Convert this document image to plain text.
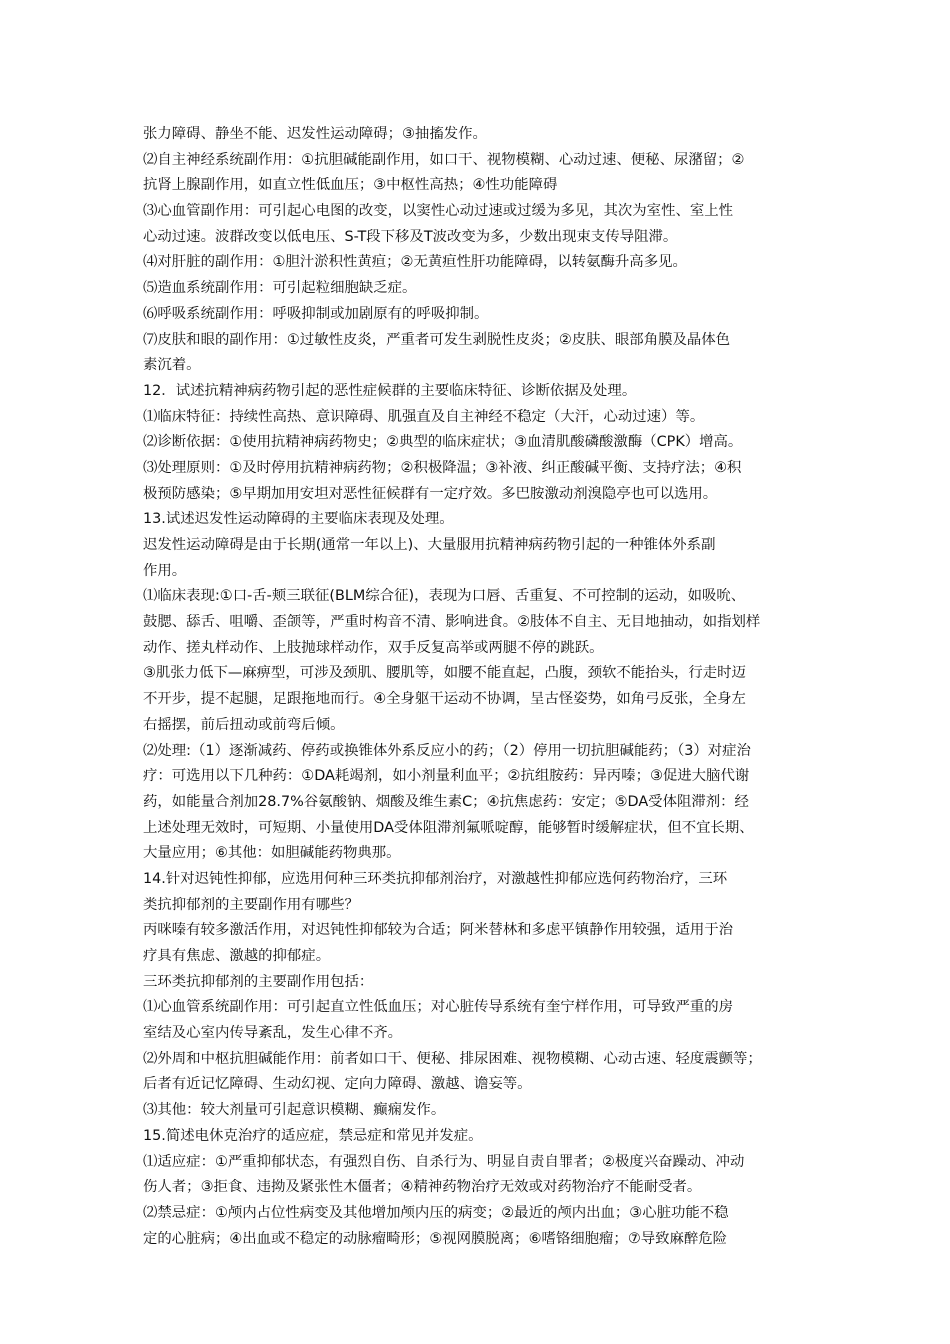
张力障碍、静坐不能、迟发性运动障碍；③抽搐发作。
⑵自主神经系统副作用：①抗胆碱能副作用，如口干、视物模糊、心动过速、便秘、尿潴留；②
抗肾上腺副作用，如直立性低血压；③中枢性高热；④性功能障碍
⑶心血管副作用：可引起心电图的改变，以窦性心动过速或过缓为多见，其次为室性、室上性
心动过速。波群改变以低电压、S-T段下移及T波改变为多，少数出现束支传导阻滞。
⑷对肝脏的副作用：①胆汁淤积性黄疸；②无黄疸性肝功能障碍，以转氨酶升高多见。
⑸造血系统副作用：可引起粒细胞缺乏症。
⑹呼吸系统副作用：呼吸抑制或加剧原有的呼吸抑制。
⑺皮肤和眼的副作用：①过敏性皮炎，严重者可发生剥脱性皮炎；②皮肤、眼部角膜及晶体色
素沉着。
12．试述抗精神病药物引起的恶性症候群的主要临床特征、诊断依据及处理。
⑴临床特征：持续性高热、意识障碍、肌强直及自主神经不稳定（大汗，心动过速）等。
⑵诊断依据：①使用抗精神病药物史；②典型的临床症状；③血清肌酸磷酸激酶（CPK）增高。
⑶处理原则：①及时停用抗精神病药物；②积极降温；③补液、纠正酸碱平衡、支持疗法；④积
极预防感染；⑤早期加用安坦对恶性征候群有一定疗效。多巴胺激动剂溴隐亭也可以选用。
13.试述迟发性运动障碍的主要临床表现及处理。
迟发性运动障碍是由于长期(通常一年以上)、大量服用抗精神病药物引起的一种锥体外系副
作用。
⑴临床表现:①口-舌-颊三联征(BLM综合征)，表现为口唇、舌重复、不可控制的运动，如吸吮、
鼓腮、舔舌、咀嚼、歪颌等，严重时构音不清、影响进食。②肢体不自主、无目地抽动，如指划样
动作、搓丸样动作、上肢抛球样动作，双手反复高举或两腿不停的跳跃。
③肌张力低下—麻痹型，可涉及颈肌、腰肌等，如腰不能直起，凸腹，颈软不能抬头，行走时迈
不开步，提不起腿，足跟拖地而行。④全身躯干运动不协调，呈古怪姿势，如角弓反张，全身左
右摇摆，前后扭动或前弯后倾。
⑵处理:（1）逐渐减药、停药或换锥体外系反应小的药；（2）停用一切抗胆碱能药；（3）对症治
疗：可选用以下几种药：①DA耗竭剂，如小剂量利血平；②抗组胺药：异丙嗪；③促进大脑代谢
药，如能量合剂加28.7%谷氨酸钠、烟酸及维生素C；④抗焦虑药：安定；⑤DA受体阻滞剂：经
上述处理无效时，可短期、小量使用DA受体阻滞剂氟哌啶醇，能够暂时缓解症状，但不宜长期、
大量应用；⑥其他：如胆碱能药物典那。
14.针对迟钝性抑郁，应选用何种三环类抗抑郁剂治疗，对激越性抑郁应选何药物治疗，三环
类抗抑郁剂的主要副作用有哪些？
丙咪嗪有较多激活作用，对迟钝性抑郁较为合适；阿米替林和多虑平镇静作用较强，适用于治
疗具有焦虑、激越的抑郁症。
三环类抗抑郁剂的主要副作用包括：
⑴心血管系统副作用：可引起直立性低血压；对心脏传导系统有奎宁样作用，可导致严重的房
室结及心室内传导紊乱，发生心律不齐。
⑵外周和中枢抗胆碱能作用：前者如口干、便秘、排尿困难、视物模糊、心动古速、轻度震颤等；
后者有近记忆障碍、生动幻视、定向力障碍、激越、谵妄等。
⑶其他：较大剂量可引起意识模糊、癫痫发作。
15.简述电休克治疗的适应症，禁忌症和常见并发症。
⑴适应症：①严重抑郁状态，有强烈自伤、自杀行为、明显自责自罪者；②极度兴奋躁动、冲动
伤人者；③拒食、违拗及紧张性木僵者；④精神药物治疗无效或对药物治疗不能耐受者。
⑵禁忌症：①颅内占位性病变及其他增加颅内压的病变；②最近的颅内出血；③心脏功能不稳
定的心脏病；④出血或不稳定的动脉瘤畸形；⑤视网膜脱离；⑥嗜铬细胞瘤；⑦导致麻醉危险
